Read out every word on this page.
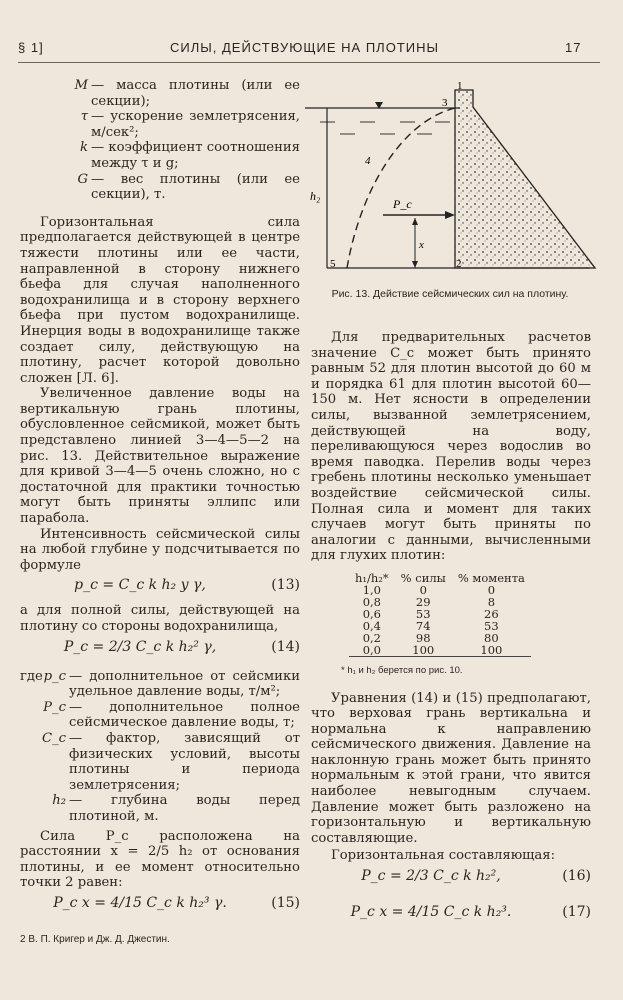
§ 1]	СИЛЫ, ДЕЙСТВУЮЩИЕ НА ПЛОТИНЫ	17
M — масса плотины (или ее секции);
τ — ускорение землетрясения, м/сек²;
k — коэффициент соотношения между τ и g;
G — вес плотины (или ее секции), т.

Горизонтальная сила предполагается действующей в центре тяжести плотины или ее части, направленной в сторону нижнего бьефа для случая наполненного водохранилища и в сторону верхнего бьефа при пустом водохранилище. Инерция воды в водохранилище также создает силу, действующую на плотину, расчет которой довольно сложен [Л. 6].

Увеличенное давление воды на вертикальную грань плотины, обусловленное сейсмикой, может быть представлено линией 3—4—5—2 на рис. 13. Действительное выражение для кривой 3—4—5 очень сложно, но с достаточной для практики точностью могут быть приняты эллипс или парабола.

Интенсивность сейсмической силы на любой глубине y подсчитывается по формуле

p_c = C_c k h₂ y γ,	(13)

а для полной силы, действующей на плотину со стороны водохранилища,

P_c = 2/3 C_c k h₂² γ,	(14)
где p_c — дополнительное от сейсмики удельное давление воды, т/м²;
P_c — дополнительное полное сейсмическое давление воды, т;
C_c — фактор, зависящий от физических условий, высоты плотины и периода землетрясения;
h₂ — глубина воды перед плотиной, м.

Сила P_c расположена на расстоянии x = 2/5 h₂ от основания плотины, и ее момент относительно точки 2 равен:

P_c x = 4/15 C_c k h₂³ γ.	(15)
2 В. П. Кригер и Дж. Д. Джестин.
3
1
4
5	2
h₂
P_c
x
Рис. 13. Действие сейсмических сил на плотину.

Для предварительных расчетов значение C_c может быть принято равным 52 для плотин высотой до 60 м и порядка 61 для плотин высотой 60—150 м. Нет ясности в определении силы, вызванной землетрясением, действующей на воду, переливающуюся через водослив во время паводка. Перелив воды через гребень плотины несколько уменьшает воздействие сейсмической силы. Полная сила и момент для таких случаев могут быть приняты по аналогии с данными, вычисленными для глухих плотин:

h₁/h₂*	% силы	% момента
1,0	0	0
0,8	29	8
0,6	53	26
0,4	74	53
0,2	98	80
0,0	100	100
* h₁ и h₂ берется по рис. 10.

Уравнения (14) и (15) предполагают, что верховая грань вертикальна и нормальна к направлению сейсмического движения. Давление на наклонную грань может быть принято нормальным к этой грани, что явится наиболее невыгодным случаем. Давление может быть разложено на горизонтальную и вертикальную составляющие.

Горизонтальная составляющая:

P_c = 2/3 C_c k h₂²,	(16)
P_c x = 4/15 C_c k h₂³.	(17)
